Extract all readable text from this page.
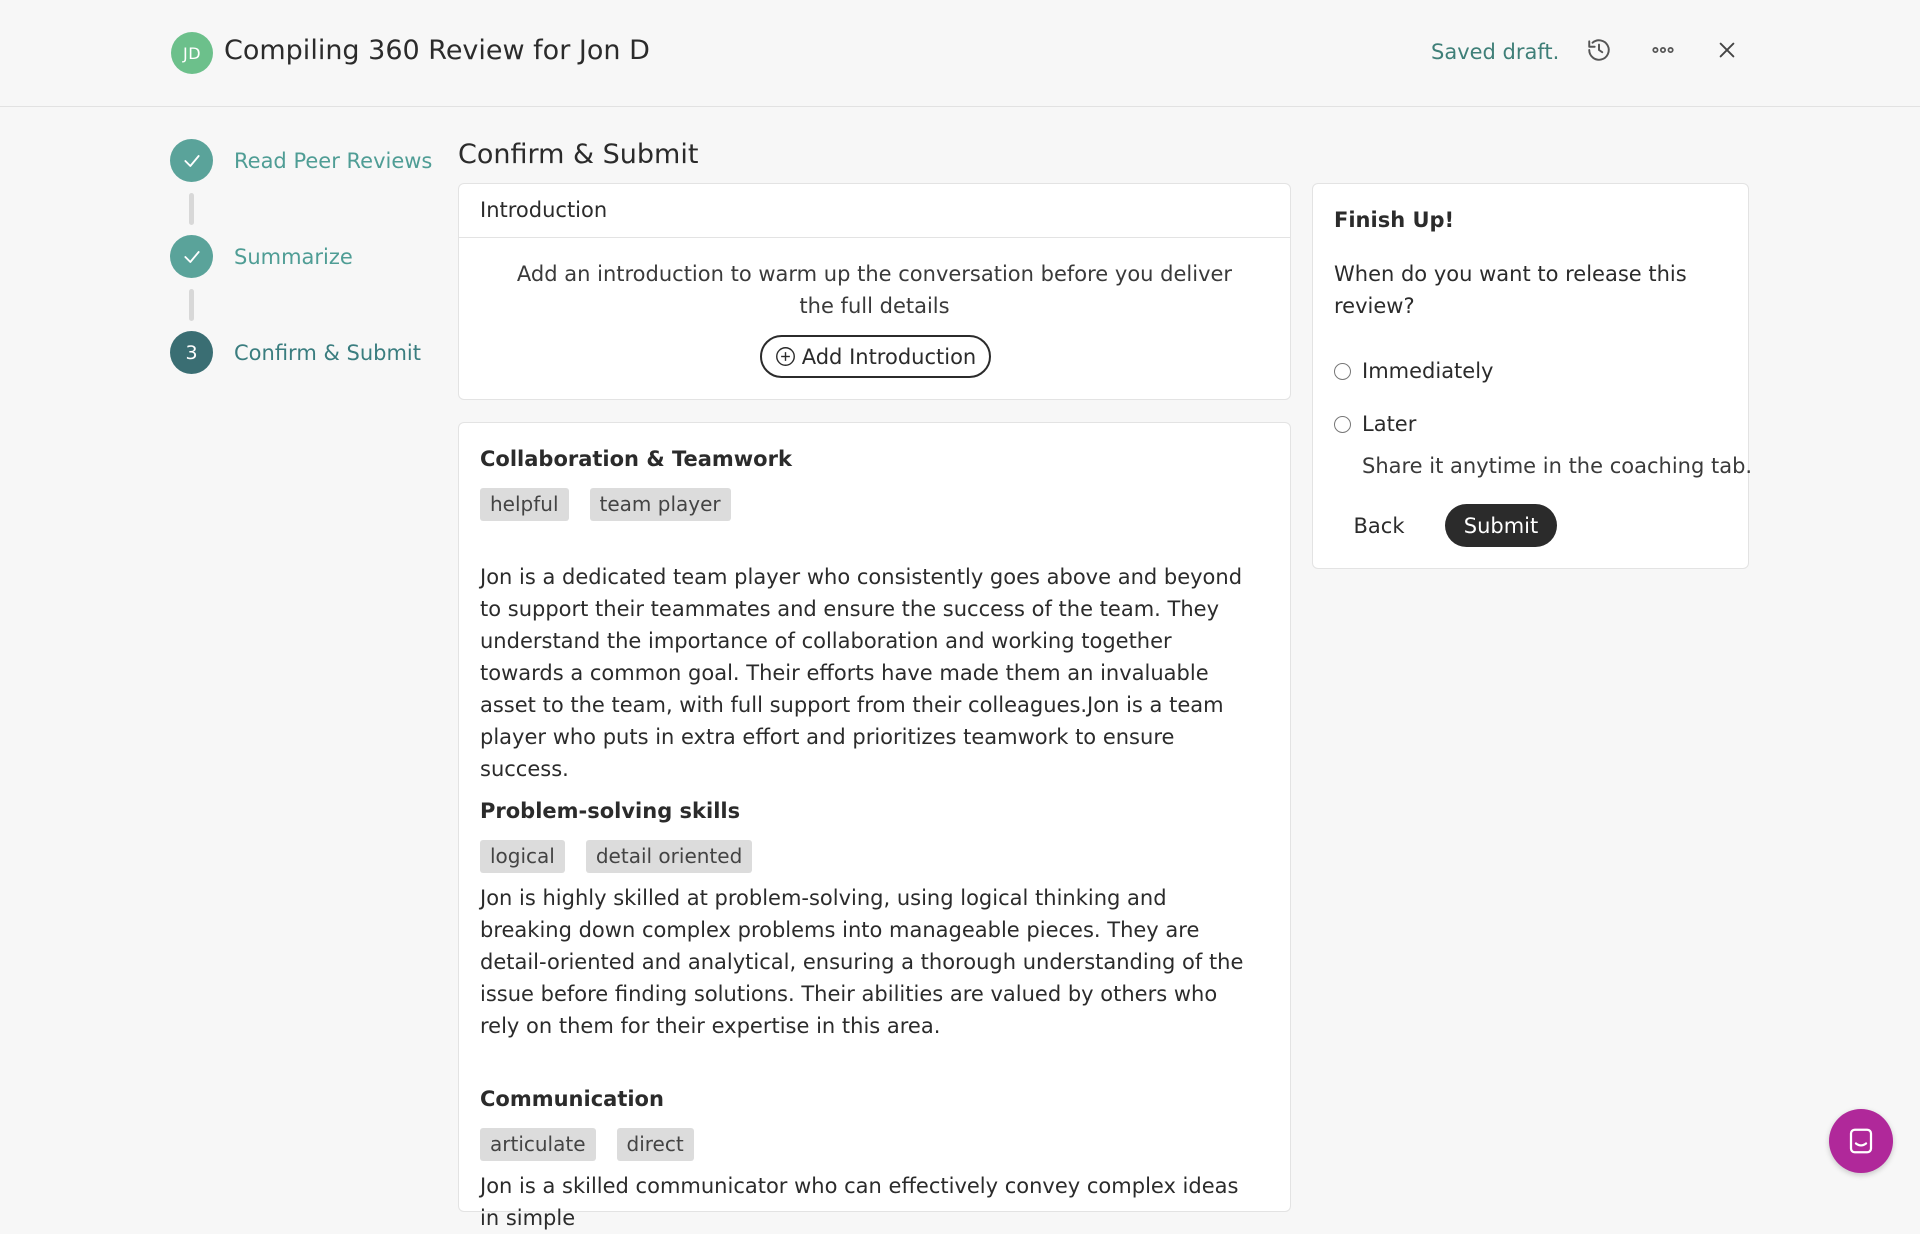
JD Compiling 360 Review for Jon D	Saved draft.
Read Peer Reviews
Summarize
3	Confirm & Submit
Confirm & Submit
Introduction
Add an introduction to warm up the conversation before you deliver the full details
Add Introduction
Collaboration & Teamwork
helpful	team player
Jon is a dedicated team player who consistently goes above and beyond to support their teammates and ensure the success of the team. They understand the importance of collaboration and working together towards a common goal. Their efforts have made them an invaluable asset to the team, with full support from their colleagues.Jon is a team player who puts in extra effort and prioritizes teamwork to ensure success.
Problem-solving skills
logical	detail oriented
Jon is highly skilled at problem-solving, using logical thinking and breaking down complex problems into manageable pieces. They are detail-oriented and analytical, ensuring a thorough understanding of the issue before finding solutions. Their abilities are valued by others who rely on them for their expertise in this area.
Communication
articulate	direct
Jon is a skilled communicator who can effectively convey complex ideas in simple
Finish Up!
When do you want to release this review?
Immediately
Later
Share it anytime in the coaching tab.
Back	Submit
